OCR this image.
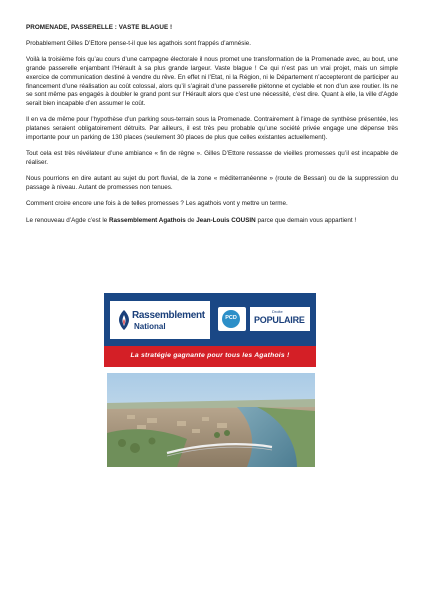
PROMENADE, PASSERELLE : VASTE BLAGUE !

Probablement Gilles D’Ettore pense-t-il que les agathois sont frappés d’amnésie.

Voilà la troisième fois qu’au cours d’une campagne électorale il nous promet une transformation de la Promenade avec, au bout, une grande passerelle enjambant l’Hérault à sa plus grande largeur. Vaste blague ! Ce qui n’est pas un vrai projet, mais un simple exercice de communication destiné à vendre du rêve. En effet ni l’Etat, ni la Région, ni le Département n’accepteront de participer au financement d’une réalisation au coût colossal, alors qu’il s’agirait d’une passerelle piétonne et cyclable et non d’un axe routier. Ils ne se sont même pas engagés à doubler le grand pont sur l’Hérault alors que c’est une nécessité, c’est dire. Quant à elle, la ville d’Agde serait bien incapable d’en assumer le coût.

Il en va de même pour l’hypothèse d’un parking sous-terrain sous la Promenade. Contrairement à l’image de synthèse présentée, les platanes seraient obligatoirement détruits. Par ailleurs, il est très peu probable qu’une société privée engage une dépense très importante pour un parking de 130 places (seulement 30 places de plus que celles existantes actuellement).

Tout cela est très révélateur d’une ambiance « fin de règne ». Gilles D’Ettore ressasse de vieilles promesses qu’il est incapable de réaliser.

Nous pourrions en dire autant au sujet du port fluvial, de la zone « méditerranéenne » (route de Bessan) ou de la suppression du passage à niveau. Autant de promesses non tenues.

Comment croire encore une fois à de telles promesses ? Les agathois vont y mettre un terme.

Le renouveau d’Agde c’est le Rassemblement Agathois de Jean-Louis COUSIN parce que demain vous appartient !

Rassemblement
National
PCD
Droite
POPULAIRE
La stratégie gagnante pour tous les Agathois !
